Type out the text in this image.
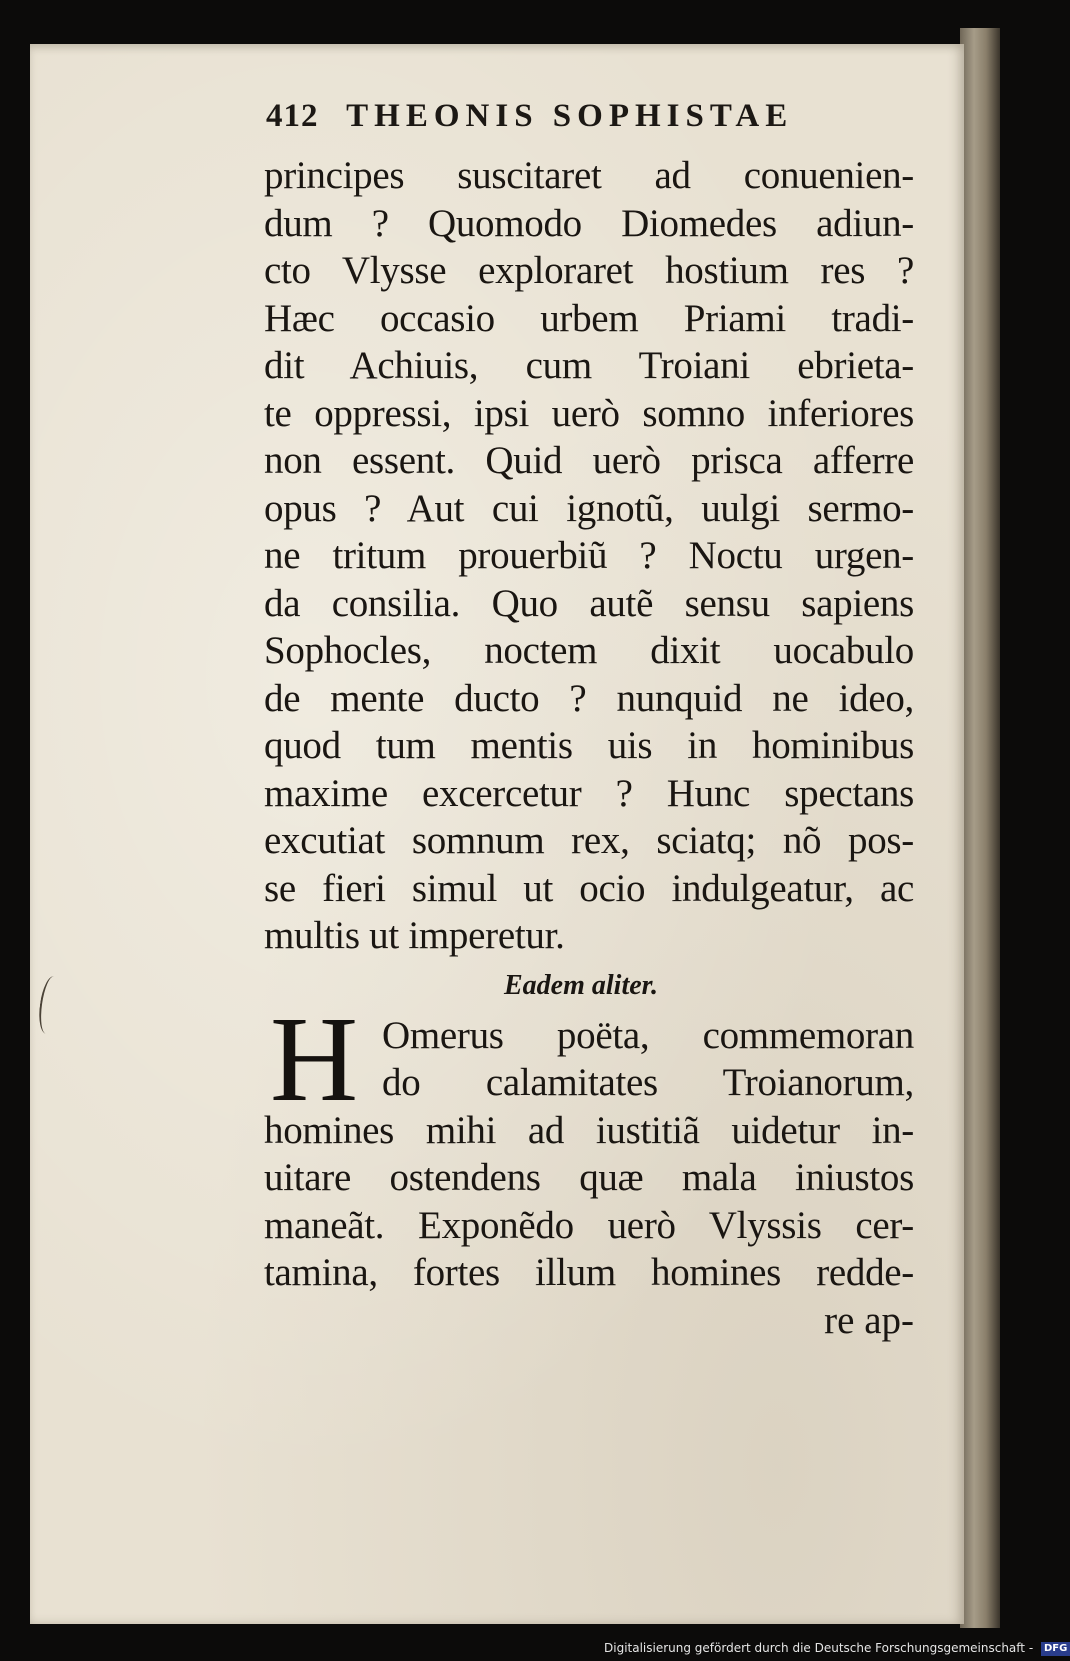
412 THEONIS SOPHISTAE
principes suscitaret ad conuenien-
dum ? Quomodo Diomedes adiun-
cto Vlysse exploraret hostium res ?
Hæc occasio urbem Priami tradi-
dit Achiuis, cum Troiani ebrieta-
te oppressi, ipsi uerò somno inferiores
non essent. Quid uerò prisca afferre
opus ? Aut cui ignotũ, uulgi sermo-
ne tritum prouerbiũ ? Noctu urgen-
da consilia. Quo autẽ sensu sapiens
Sophocles, noctem dixit uocabulo
de mente ducto ? nunquid ne ideo,
quod tum mentis uis in hominibus
maxime excercetur ? Hunc spectans
excutiat somnum rex, sciatq; nõ pos-
se fieri simul ut ocio indulgeatur, ac
multis ut imperetur.
Eadem aliter.
H Omerus poëta, commemoran
do calamitates Troianorum,
homines mihi ad iustitiã uidetur in-
uitare ostendens quæ mala iniustos
maneãt. Exponẽdo uerò Vlyssis cer-
tamina, fortes illum homines redde-
re ap-
Digitalisierung gefördert durch die Deutsche Forschungsgemeinschaft - DFG
